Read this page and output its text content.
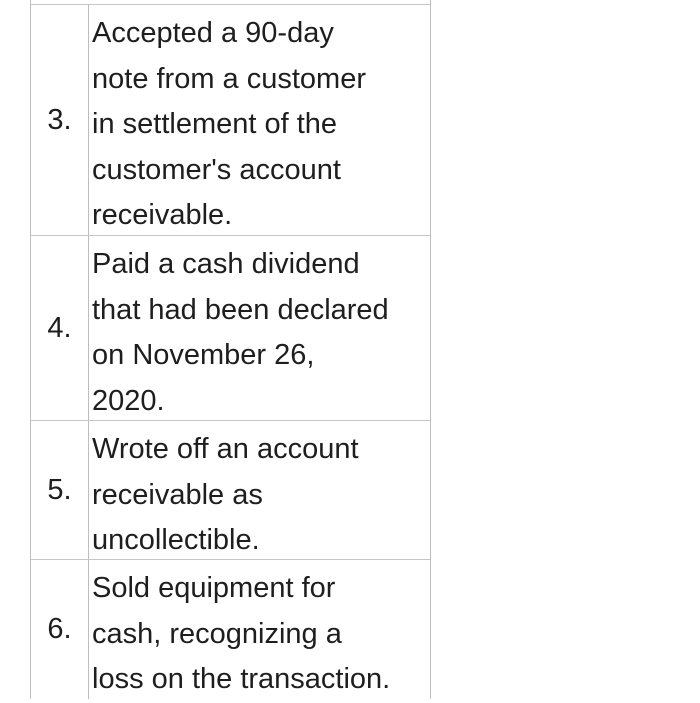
3.
Accepted a 90-day
note from a customer
in settlement of the
customer's account
receivable.
4.
Paid a cash dividend
that had been declared
on November 26,
2020.
5.
Wrote off an account
receivable as
uncollectible.
6.
Sold equipment for
cash, recognizing a
loss on the transaction.
